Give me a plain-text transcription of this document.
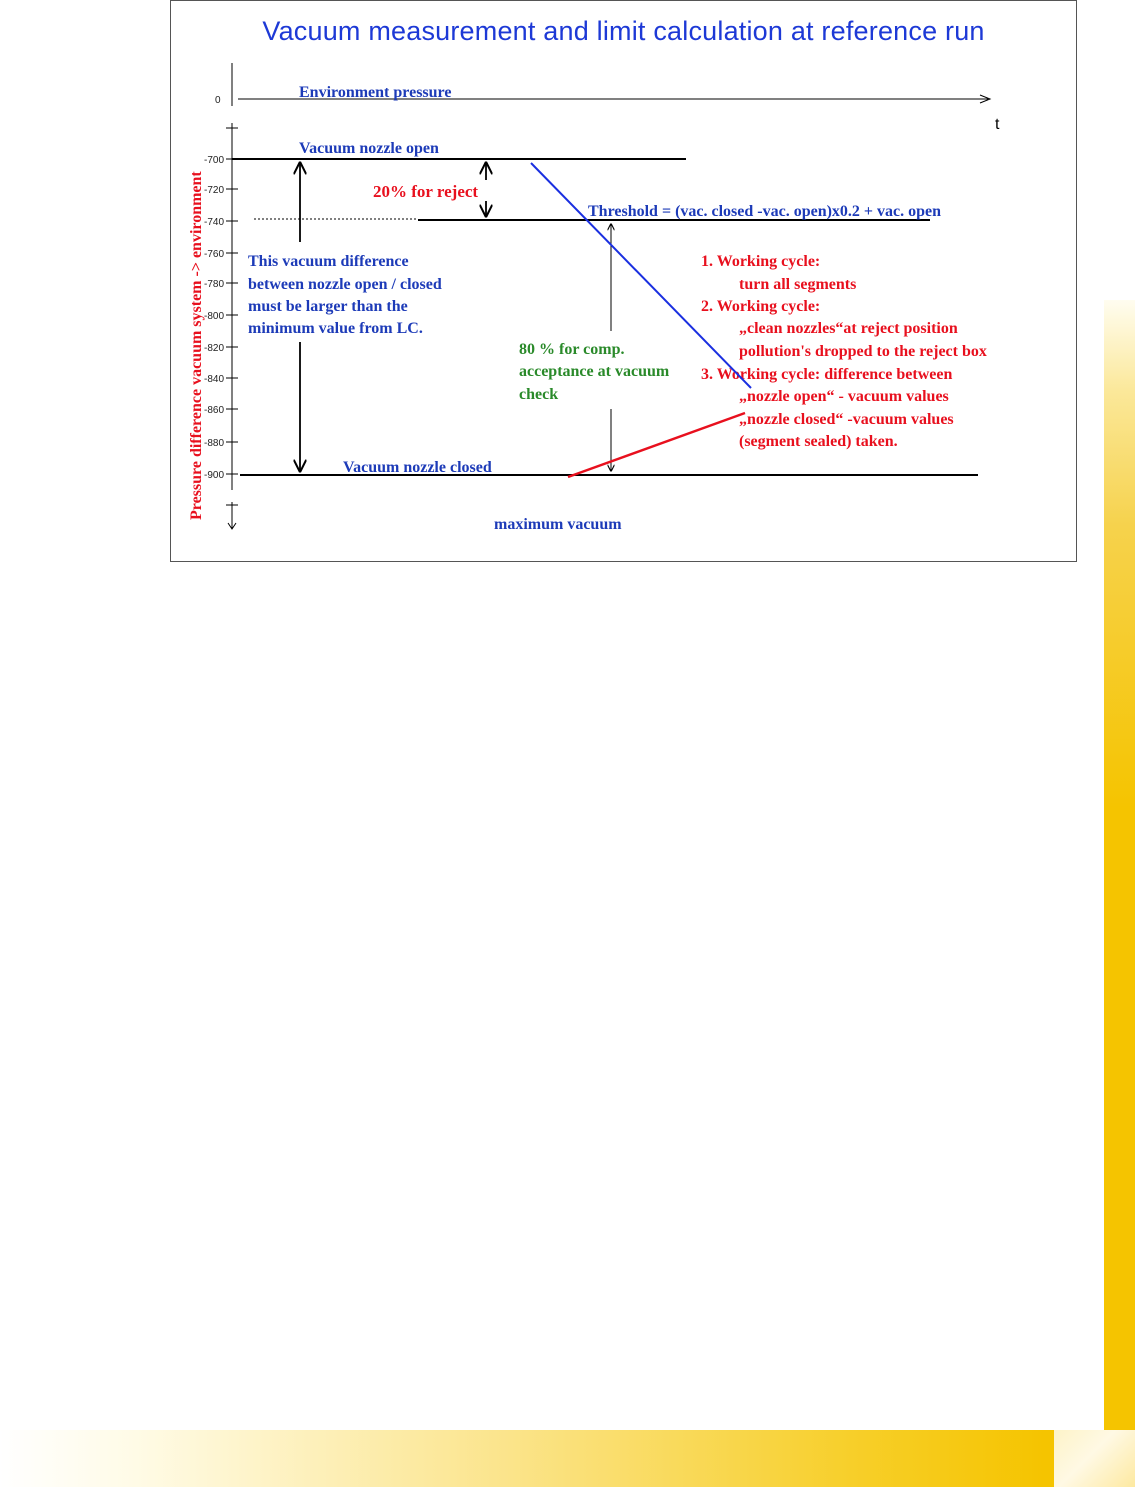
Vacuum measurement and limit calculation at reference run
0
-700
-720
-740
-760
-780
-800
-820
-840
-860
-880
-900
Pressure difference vacuum system -> environment
t
Environment pressure
Vacuum nozzle open
Threshold = (vac. closed -vac. open)x0.2 + vac. open
Vacuum nozzle closed
maximum vacuum
20% for reject
This vacuum difference
between nozzle open / closed
must be larger than the
minimum value from LC.
80 % for comp.
acceptance at vacuum
check
1. Working cycle:
turn all segments
2. Working cycle:
„clean nozzles“at reject position
pollution's dropped to the reject box
3. Working cycle: difference between
„nozzle open“ - vacuum values
„nozzle closed“ -vacuum values
(segment sealed) taken.
